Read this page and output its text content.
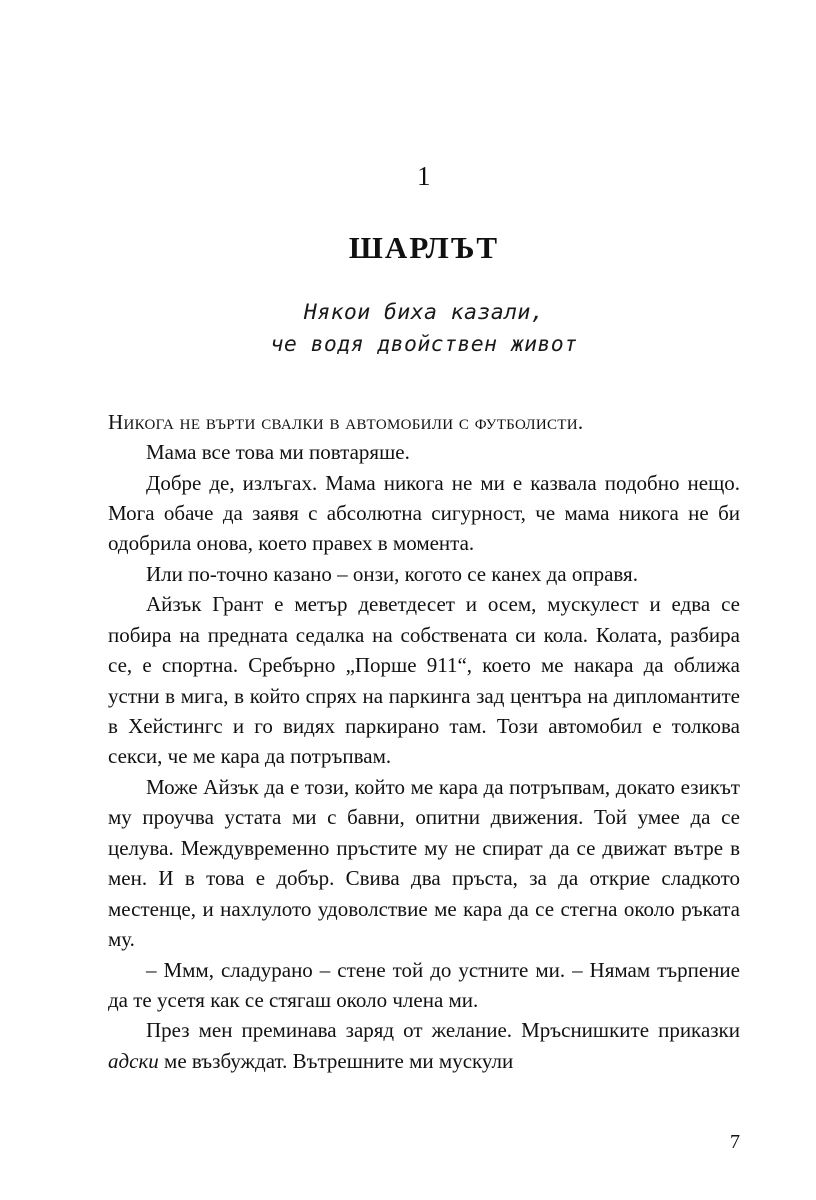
1
ШАРЛЪТ
Някои биха казали,
че водя двойствен живот

Никога не върти свалки в автомобили с футболисти.

Мама все това ми повтаряше.

Добре де, излъгах. Мама никога не ми е казвала подобно нещо. Мога обаче да заявя с абсолютна сигурност, че мама никога не би одобрила онова, което правех в момента.

Или по-точно казано – онзи, когото се канех да оправя.

Айзък Грант е метър деветдесет и осем, мускулест и едва се побира на предната седалка на собствената си кола. Колата, разбира се, е спортна. Сребърно „Порше 911“, което ме накара да оближа устни в мига, в който спрях на паркинга зад центъра на дипломантите в Хейстингс и го видях паркирано там. Този автомобил е толкова секси, че ме кара да потръпвам.

Може Айзък да е този, който ме кара да потръпвам, докато езикът му проучва устата ми с бавни, опитни движения. Той умее да се целува. Междувременно пръстите му не спират да се движат вътре в мен. И в това е добър. Свива два пръста, за да открие сладкото местенце, и нахлулото удоволствие ме кара да се стегна около ръката му.

– Ммм, сладурано – стене той до устните ми. – Нямам търпение да те усетя как се стягаш около члена ми.

През мен преминава заряд от желание. Мръснишките приказки адски ме възбуждат. Вътрешните ми мускули

7
